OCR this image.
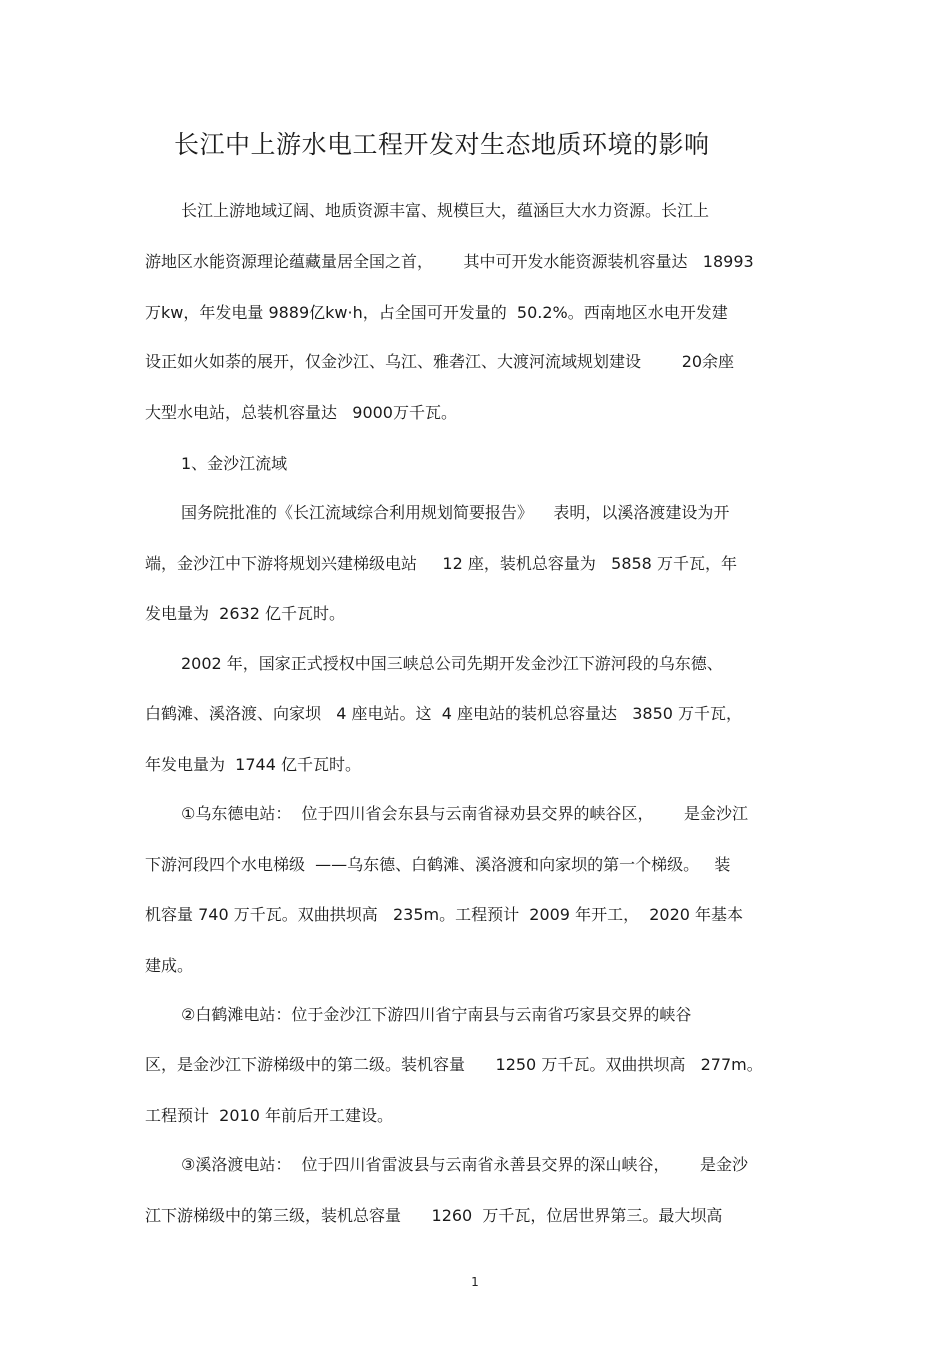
长江中上游水电工程开发对生态地质环境的影响
长江上游地域辽阔、地质资源丰富、规模巨大，蕴涵巨大水力资源。长江上
游地区水能资源理论蕴藏量居全国之首，      其中可开发水能资源装机容量达   18993
万kw，年发电量 9889亿kw·h，占全国可开发量的  50.2%。西南地区水电开发建
设正如火如荼的展开，仅金沙江、乌江、雅砻江、大渡河流域规划建设        20余座
大型水电站，总装机容量达   9000万千瓦。
1、金沙江流域
国务院批准的《长江流域综合利用规划简要报告》    表明，以溪洛渡建设为开
端，金沙江中下游将规划兴建梯级电站     12 座，装机总容量为   5858 万千瓦，年
发电量为  2632 亿千瓦时。
2002 年，国家正式授权中国三峡总公司先期开发金沙江下游河段的乌东德、
白鹤滩、溪洛渡、向家坝   4 座电站。这  4 座电站的装机总容量达   3850 万千瓦，
年发电量为  1744 亿千瓦时。
①乌东德电站：  位于四川省会东县与云南省禄劝县交界的峡谷区，      是金沙江
下游河段四个水电梯级  ——乌东德、白鹤滩、溪洛渡和向家坝的第一个梯级。   装
机容量 740 万千瓦。双曲拱坝高   235m。工程预计  2009 年开工，  2020 年基本
建成。
②白鹤滩电站：位于金沙江下游四川省宁南县与云南省巧家县交界的峡谷
区，是金沙江下游梯级中的第二级。装机容量      1250 万千瓦。双曲拱坝高   277m。
工程预计  2010 年前后开工建设。
③溪洛渡电站：  位于四川省雷波县与云南省永善县交界的深山峡谷，      是金沙
江下游梯级中的第三级，装机总容量      1260  万千瓦，位居世界第三。最大坝高
1
